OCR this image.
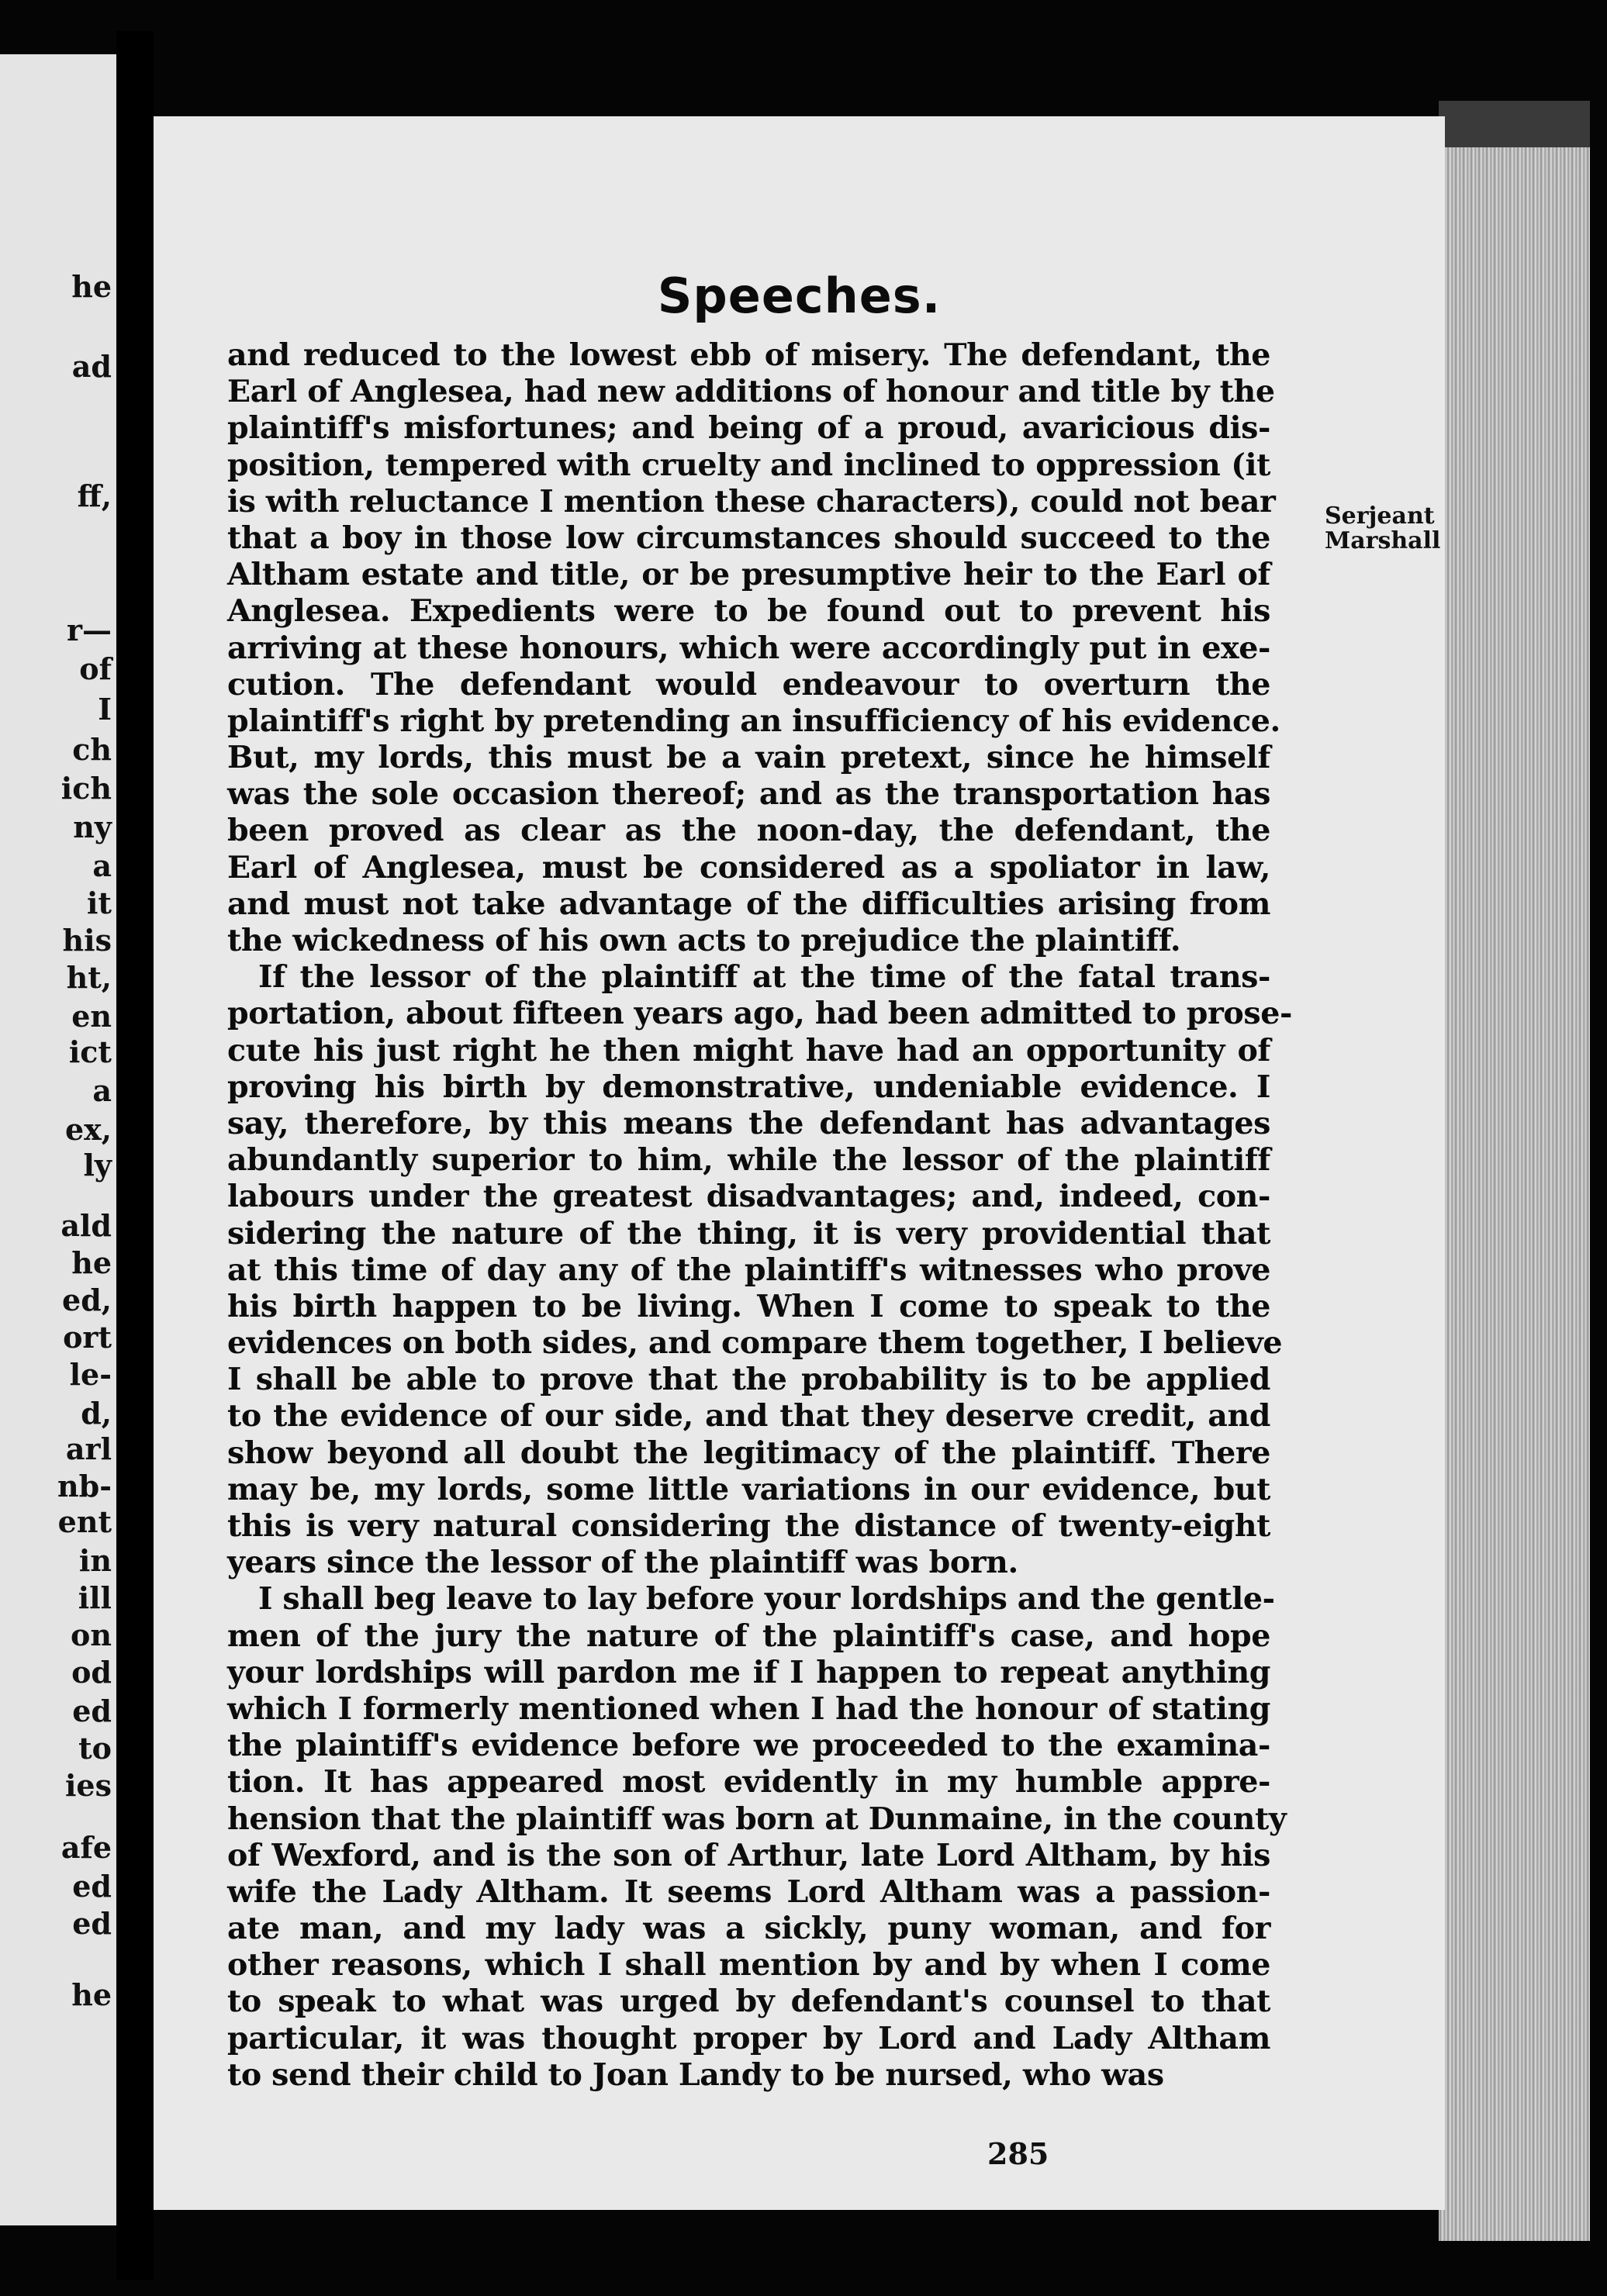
he
ad
ff,
r—
of
I
ch
ich
ny
a
it
his
ht,
en
ict
a
ex,
ly
ald
he
ed,
ort
le-
d,
arl
nb-
ent
in
ill
on
od
ed
to
ies
afe
ed
ed
he
Speeches.
Serjeant
Marshall
and reduced to the lowest ebb of misery. The defendant, the
Earl of Anglesea, had new additions of honour and title by the
plaintiff's misfortunes; and being of a proud, avaricious dis-
position, tempered with cruelty and inclined to oppression (it
is with reluctance I mention these characters), could not bear
that a boy in those low circumstances should succeed to the
Altham estate and title, or be presumptive heir to the Earl of
Anglesea. Expedients were to be found out to prevent his
arriving at these honours, which were accordingly put in exe-
cution. The defendant would endeavour to overturn the
plaintiff's right by pretending an insufficiency of his evidence.
But, my lords, this must be a vain pretext, since he himself
was the sole occasion thereof; and as the transportation has
been proved as clear as the noon-day, the defendant, the
Earl of Anglesea, must be considered as a spoliator in law,
and must not take advantage of the difficulties arising from
the wickedness of his own acts to prejudice the plaintiff.
If the lessor of the plaintiff at the time of the fatal trans-
portation, about fifteen years ago, had been admitted to prose-
cute his just right he then might have had an opportunity of
proving his birth by demonstrative, undeniable evidence. I
say, therefore, by this means the defendant has advantages
abundantly superior to him, while the lessor of the plaintiff
labours under the greatest disadvantages; and, indeed, con-
sidering the nature of the thing, it is very providential that
at this time of day any of the plaintiff's witnesses who prove
his birth happen to be living. When I come to speak to the
evidences on both sides, and compare them together, I believe
I shall be able to prove that the probability is to be applied
to the evidence of our side, and that they deserve credit, and
show beyond all doubt the legitimacy of the plaintiff. There
may be, my lords, some little variations in our evidence, but
this is very natural considering the distance of twenty-eight
years since the lessor of the plaintiff was born.
I shall beg leave to lay before your lordships and the gentle-
men of the jury the nature of the plaintiff's case, and hope
your lordships will pardon me if I happen to repeat anything
which I formerly mentioned when I had the honour of stating
the plaintiff's evidence before we proceeded to the examina-
tion. It has appeared most evidently in my humble appre-
hension that the plaintiff was born at Dunmaine, in the county
of Wexford, and is the son of Arthur, late Lord Altham, by his
wife the Lady Altham. It seems Lord Altham was a passion-
ate man, and my lady was a sickly, puny woman, and for
other reasons, which I shall mention by and by when I come
to speak to what was urged by defendant's counsel to that
particular, it was thought proper by Lord and Lady Altham
to send their child to Joan Landy to be nursed, who was
285
